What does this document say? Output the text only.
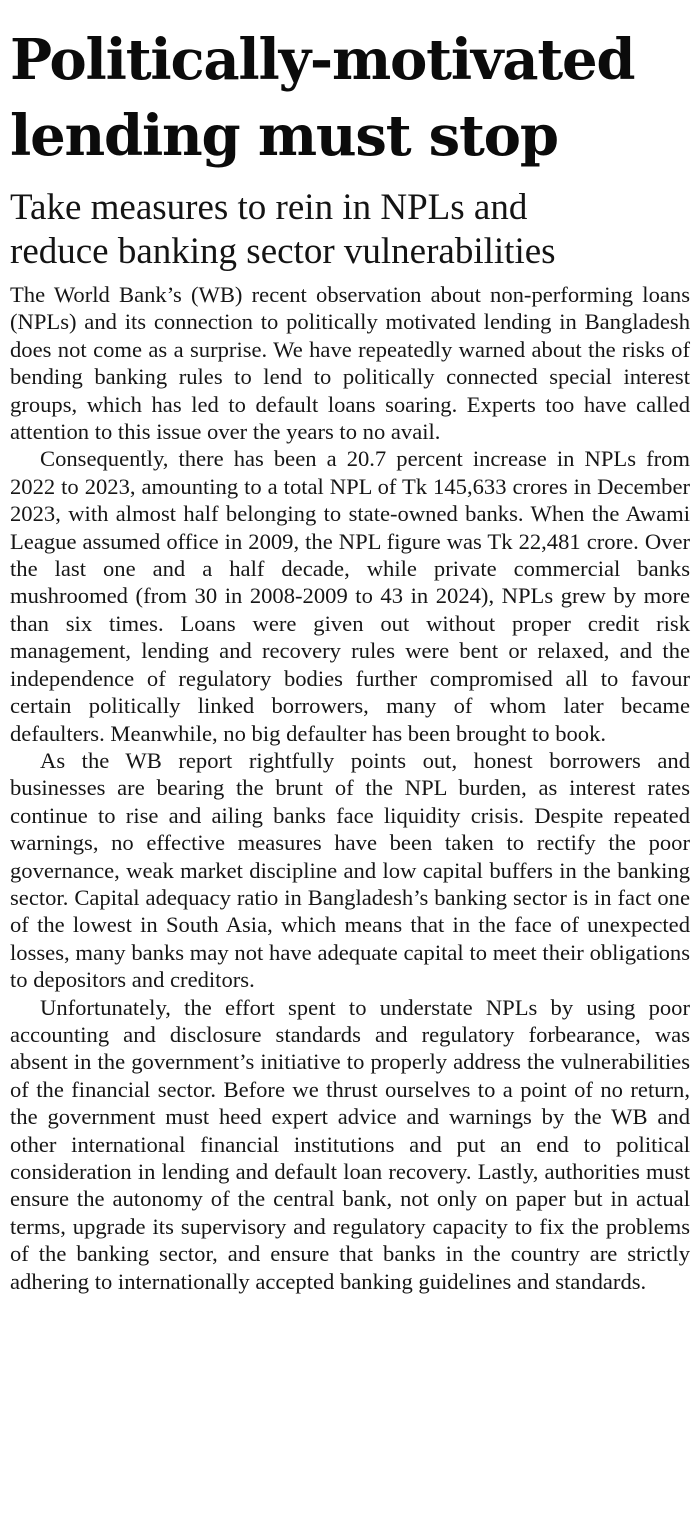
Politically-motivated
lending must stop
Take measures to rein in NPLs and
reduce banking sector vulnerabilities

The World Bank’s (WB) recent observation about non-performing loans (NPLs) and its connection to politically motivated lending in Bangladesh does not come as a surprise. We have repeatedly warned about the risks of bending banking rules to lend to politically connected special interest groups, which has led to default loans soaring. Experts too have called attention to this issue over the years to no avail.

Consequently, there has been a 20.7 percent increase in NPLs from 2022 to 2023, amounting to a total NPL of Tk 145,633 crores in December 2023, with almost half belonging to state-owned banks. When the Awami League assumed office in 2009, the NPL figure was Tk 22,481 crore. Over the last one and a half decade, while private commercial banks mushroomed (from 30 in 2008-2009 to 43 in 2024), NPLs grew by more than six times. Loans were given out without proper credit risk management, lending and recovery rules were bent or relaxed, and the independence of regulatory bodies further compromised all to favour certain politically linked borrowers, many of whom later became defaulters. Meanwhile, no big defaulter has been brought to book.

As the WB report rightfully points out, honest borrowers and businesses are bearing the brunt of the NPL burden, as interest rates continue to rise and ailing banks face liquidity crisis. Despite repeated warnings, no effective measures have been taken to rectify the poor governance, weak market discipline and low capital buffers in the banking sector. Capital adequacy ratio in Bangladesh’s banking sector is in fact one of the lowest in South Asia, which means that in the face of unexpected losses, many banks may not have adequate capital to meet their obligations to depositors and creditors.

Unfortunately, the effort spent to understate NPLs by using poor accounting and disclosure standards and regulatory forbearance, was absent in the government’s initiative to properly address the vulnerabilities of the financial sector. Before we thrust ourselves to a point of no return, the government must heed expert advice and warnings by the WB and other international financial institutions and put an end to political consideration in lending and default loan recovery. Lastly, authorities must ensure the autonomy of the central bank, not only on paper but in actual terms, upgrade its supervisory and regulatory capacity to fix the problems of the banking sector, and ensure that banks in the country are strictly adhering to internationally accepted banking guidelines and standards.
